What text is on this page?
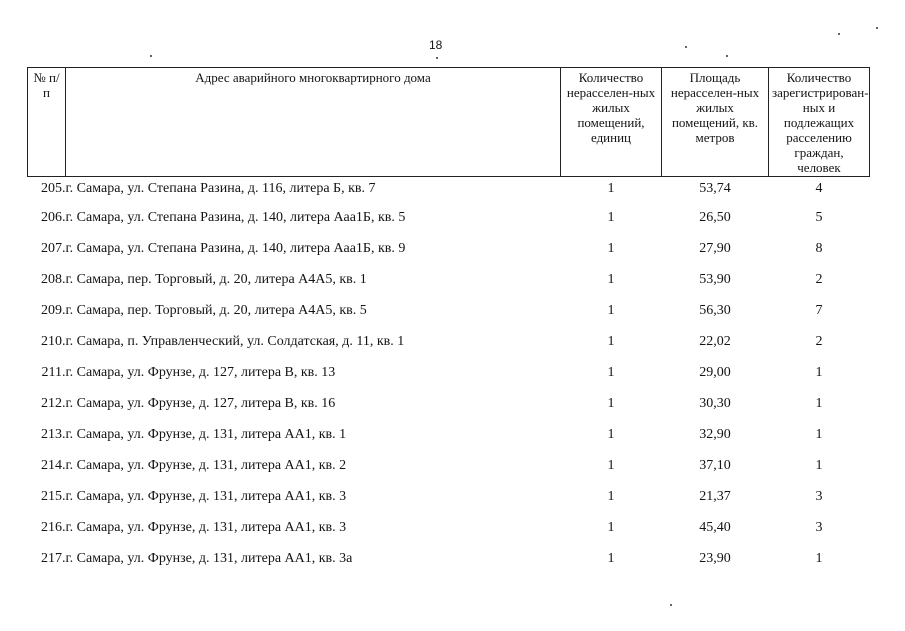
18
№ п/п	Адрес аварийного многоквартирного дома	Количество нерасселен-ных жилых помещений, единиц	Площадь нерасселен-ных жилых помещений, кв. метров	Количество зарегистрирован-ных и подлежащих расселению граждан, человек
205.	г. Самара, ул. Степана Разина, д. 116, литера Б, кв. 7	1	53,74	4
206.	г. Самара, ул. Степана Разина, д. 140, литера Ааа1Б, кв. 5	1	26,50	5
207.	г. Самара, ул. Степана Разина, д. 140, литера Ааа1Б, кв. 9	1	27,90	8
208.	г. Самара, пер. Торговый, д. 20, литера А4А5, кв. 1	1	53,90	2
209.	г. Самара, пер. Торговый, д. 20, литера А4А5, кв. 5	1	56,30	7
210.	г. Самара, п. Управленческий, ул. Солдатская, д. 11, кв. 1	1	22,02	2
211.	г. Самара, ул. Фрунзе, д. 127, литера В, кв. 13	1	29,00	1
212.	г. Самара, ул. Фрунзе, д. 127, литера В, кв. 16	1	30,30	1
213.	г. Самара, ул. Фрунзе, д. 131, литера АА1, кв. 1	1	32,90	1
214.	г. Самара, ул. Фрунзе, д. 131, литера АА1, кв. 2	1	37,10	1
215.	г. Самара, ул. Фрунзе, д. 131, литера АА1, кв. 3	1	21,37	3
216.	г. Самара, ул. Фрунзе, д. 131, литера АА1, кв. 3	1	45,40	3
217.	г. Самара, ул. Фрунзе, д. 131, литера АА1, кв. 3а	1	23,90	1
